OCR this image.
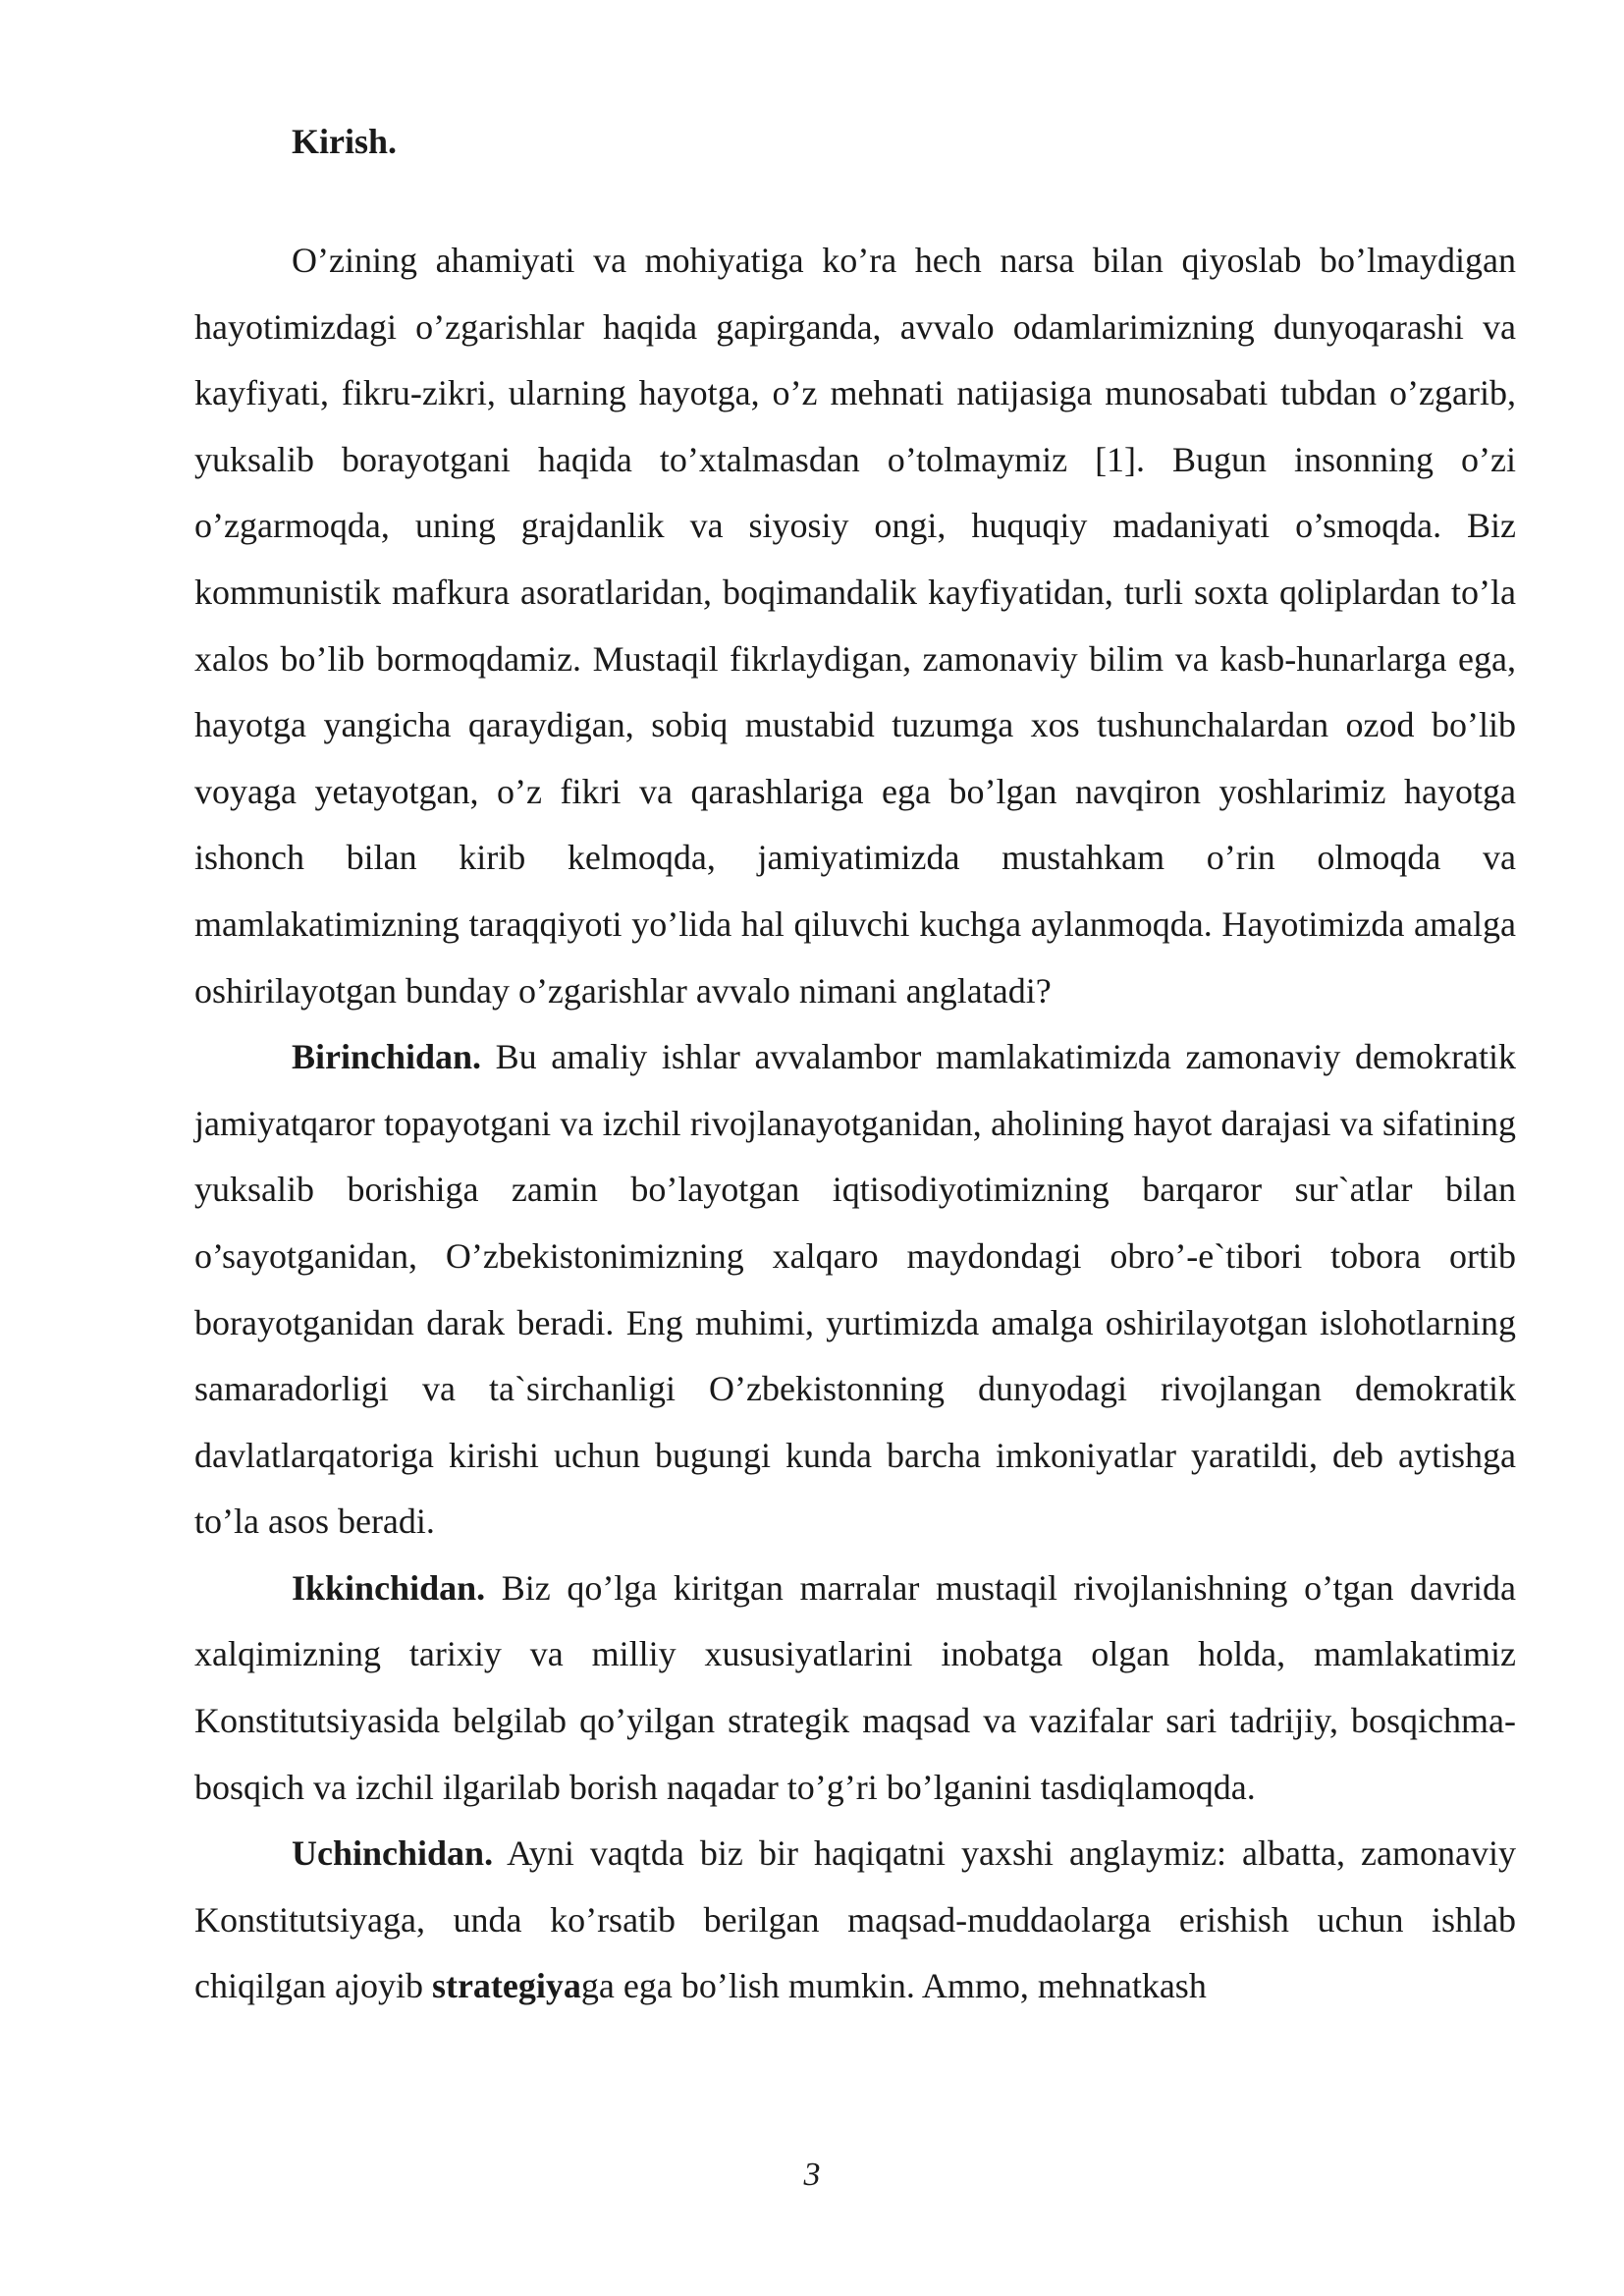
Kirish.

O’zining ahamiyati va mohiyatiga ko’ra hech narsa bilan qiyoslab bo’lmaydigan hayotimizdagi o’zgarishlar haqida gapirganda, avvalo odamlarimizning dunyoqarashi va kayfiyati, fikru-zikri, ularning hayotga, o’z mehnati natijasiga munosabati tubdan o’zgarib, yuksalib borayotgani haqida to’xtalmasdan o’tolmaymiz [1]. Bugun insonning o’zi o’zgarmoqda, uning grajdanlik va siyosiy ongi, huquqiy madaniyati o’smoqda. Biz kommunistik mafkura asoratlaridan, boqimandalik kayfiyatidan, turli soxta qoliplardan to’la xalos bo’lib bormoqdamiz. Mustaqil fikrlaydigan, zamonaviy bilim va kasb-hunarlarga ega, hayotga yangicha qaraydigan, sobiq mustabid tuzumga xos tushunchalardan ozod bo’lib voyaga yetayotgan, o’z fikri va qarashlariga ega bo’lgan navqiron yoshlarimiz hayotga ishonch bilan kirib kelmoqda, jamiyatimizda mustahkam o’rin olmoqda va mamlakatimizning taraqqiyoti yo’lida hal qiluvchi kuchga aylanmoqda. Hayotimizda amalga oshirilayotgan bunday o’zgarishlar avvalo nimani anglatadi?

Birinchidan. Bu amaliy ishlar avvalambor mamlakatimizda zamonaviy demokratik jamiyatqaror topayotgani va izchil rivojlanayotganidan, aholining hayot darajasi va sifatining yuksalib borishiga zamin bo’layotgan iqtisodiyotimizning barqaror sur`atlar bilan o’sayotganidan, O’zbekistonimizning xalqaro maydondagi obro’-e`tibori tobora ortib borayotganidan darak beradi. Eng muhimi, yurtimizda amalga oshirilayotgan islohotlarning samaradorligi va ta`sirchanligi O’zbekistonning dunyodagi rivojlangan demokratik davlatlarqatoriga kirishi uchun bugungi kunda barcha imkoniyatlar yaratildi, deb aytishga to’la asos beradi.

Ikkinchidan. Biz qo’lga kiritgan marralar mustaqil rivojlanishning o’tgan davrida xalqimizning tarixiy va milliy xususiyatlarini inobatga olgan holda, mamlakatimiz Konstitutsiyasida belgilab qo’yilgan strategik maqsad va vazifalar sari tadrijiy, bosqichma-bosqich va izchil ilgarilab borish naqadar to’g’ri bo’lganini tasdiqlamoqda.

Uchinchidan. Ayni vaqtda biz bir haqiqatni yaxshi anglaymiz: albatta, zamonaviy Konstitutsiyaga, unda ko’rsatib berilgan maqsad-muddaolarga erishish uchun ishlab chiqilgan ajoyib strategiyaga ega bo’lish mumkin. Ammo, mehnatkash

3
